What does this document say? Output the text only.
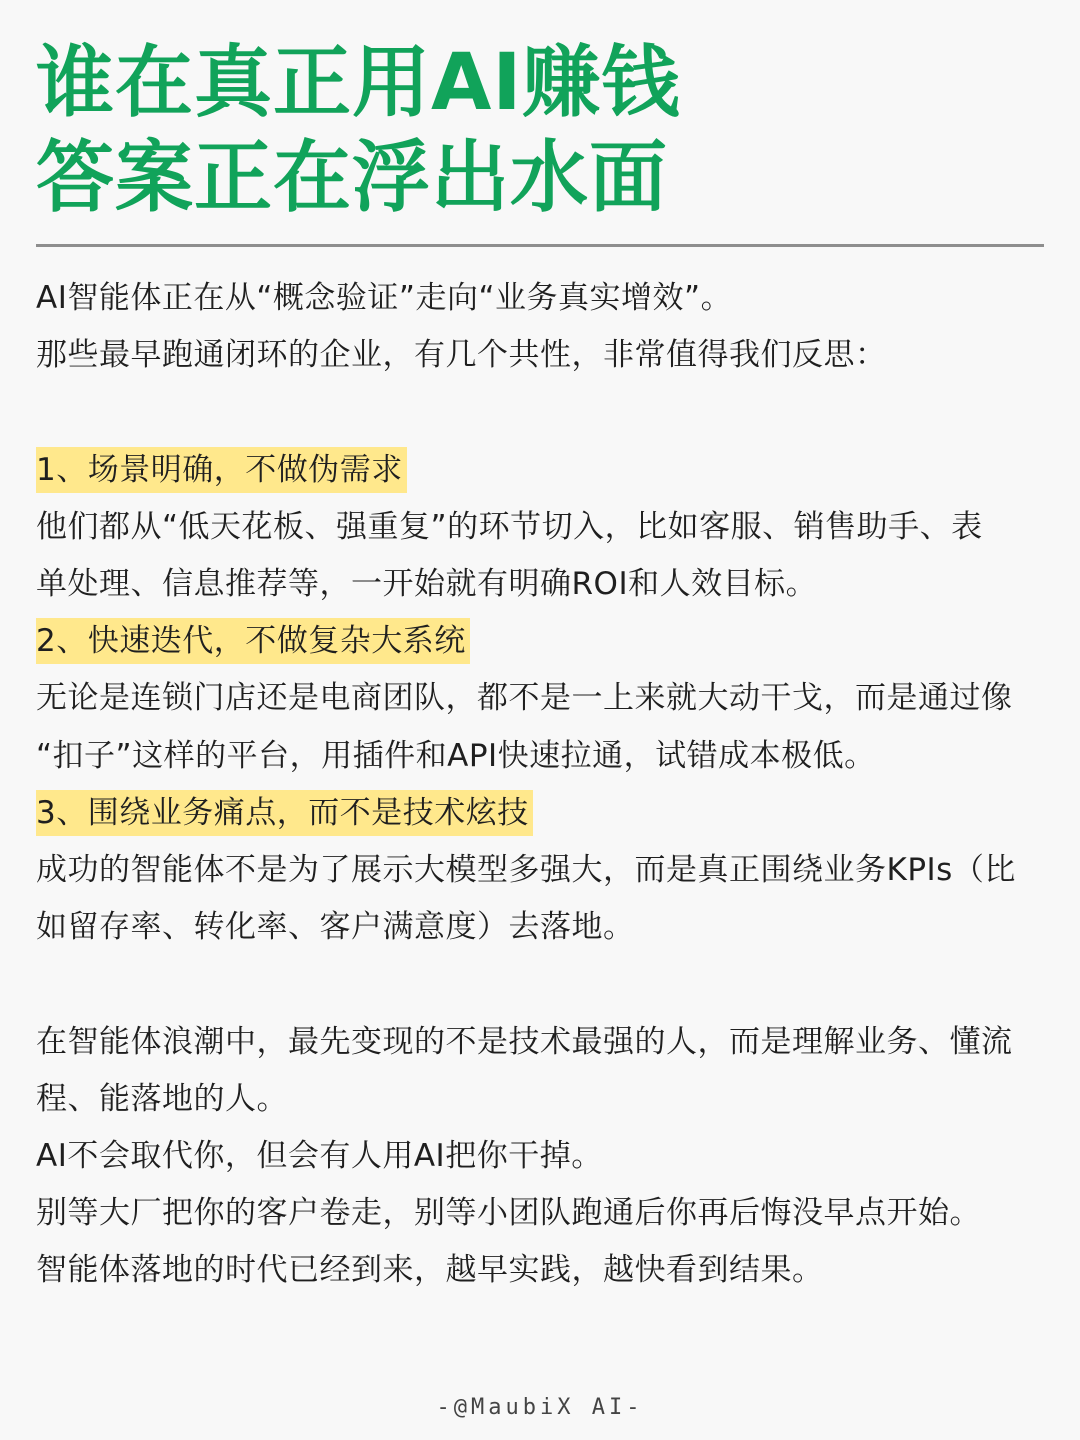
谁在真正用AI赚钱
答案正在浮出水面
AI智能体正在从“概念验证”走向“业务真实增效”。
那些最早跑通闭环的企业，有几个共性，非常值得我们反思：
1、场景明确，不做伪需求
他们都从“低天花板、强重复”的环节切入，比如客服、销售助手、表
单处理、信息推荐等，一开始就有明确ROI和人效目标。
2、快速迭代，不做复杂大系统
无论是连锁门店还是电商团队，都不是一上来就大动干戈，而是通过像
“扣子”这样的平台，用插件和API快速拉通，试错成本极低。
3、围绕业务痛点，而不是技术炫技
成功的智能体不是为了展示大模型多强大，而是真正围绕业务KPIs（比
如留存率、转化率、客户满意度）去落地。
在智能体浪潮中，最先变现的不是技术最强的人，而是理解业务、懂流
程、能落地的人。
AI不会取代你，但会有人用AI把你干掉。
别等大厂把你的客户卷走，别等小团队跑通后你再后悔没早点开始。
智能体落地的时代已经到来，越早实践，越快看到结果。
-@MaubiX AI-
